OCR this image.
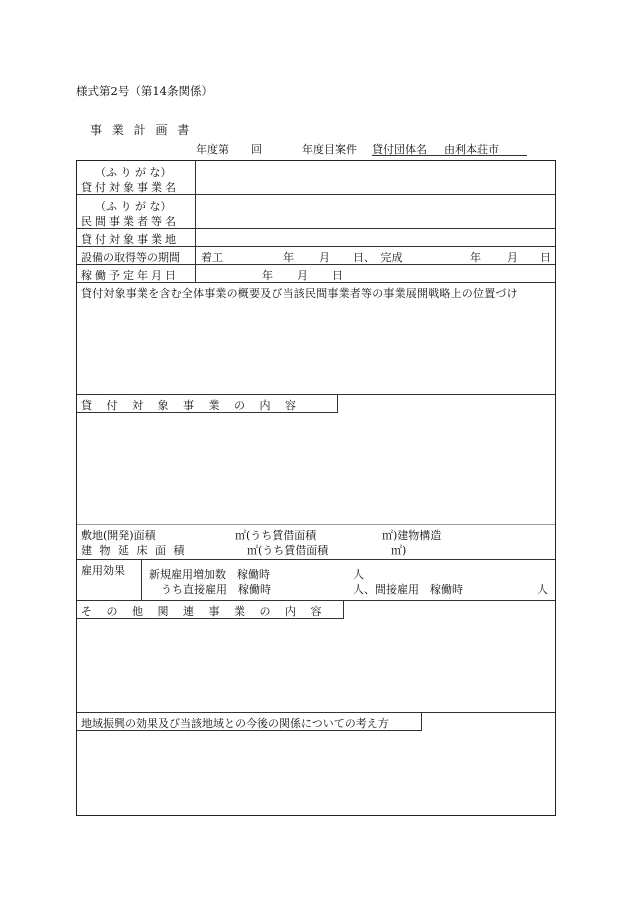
様式第2号（第14条関係）
事 業 計 画 書
年度第　　回	年度目案件 貸付団体名 由利本荘市
（ふ り が な）
貸付対象事業名
（ふ り が な）
民間事業者等名
貸付対象事業地
設備の取得等の期間 着工	年 月 日、　完成	年 月 日
稼働予定年月日	年 月 日
貸付対象事業を含む全体事業の概要及び当該民間事業者等の事業展開戦略上の位置づけ
貸付対象事業の内容
敷地(開発)面積	㎡(うち賃借面積	㎡)建物構造
建 物 延 床 面 積	㎡(うち賃借面積	㎡)
雇用効果 新規雇用増加数　稼働時	人
うち直接雇用　稼働時	人、間接雇用　稼働時	人
その他関連事業の内容
地域振興の効果及び当該地域との今後の関係についての考え方
